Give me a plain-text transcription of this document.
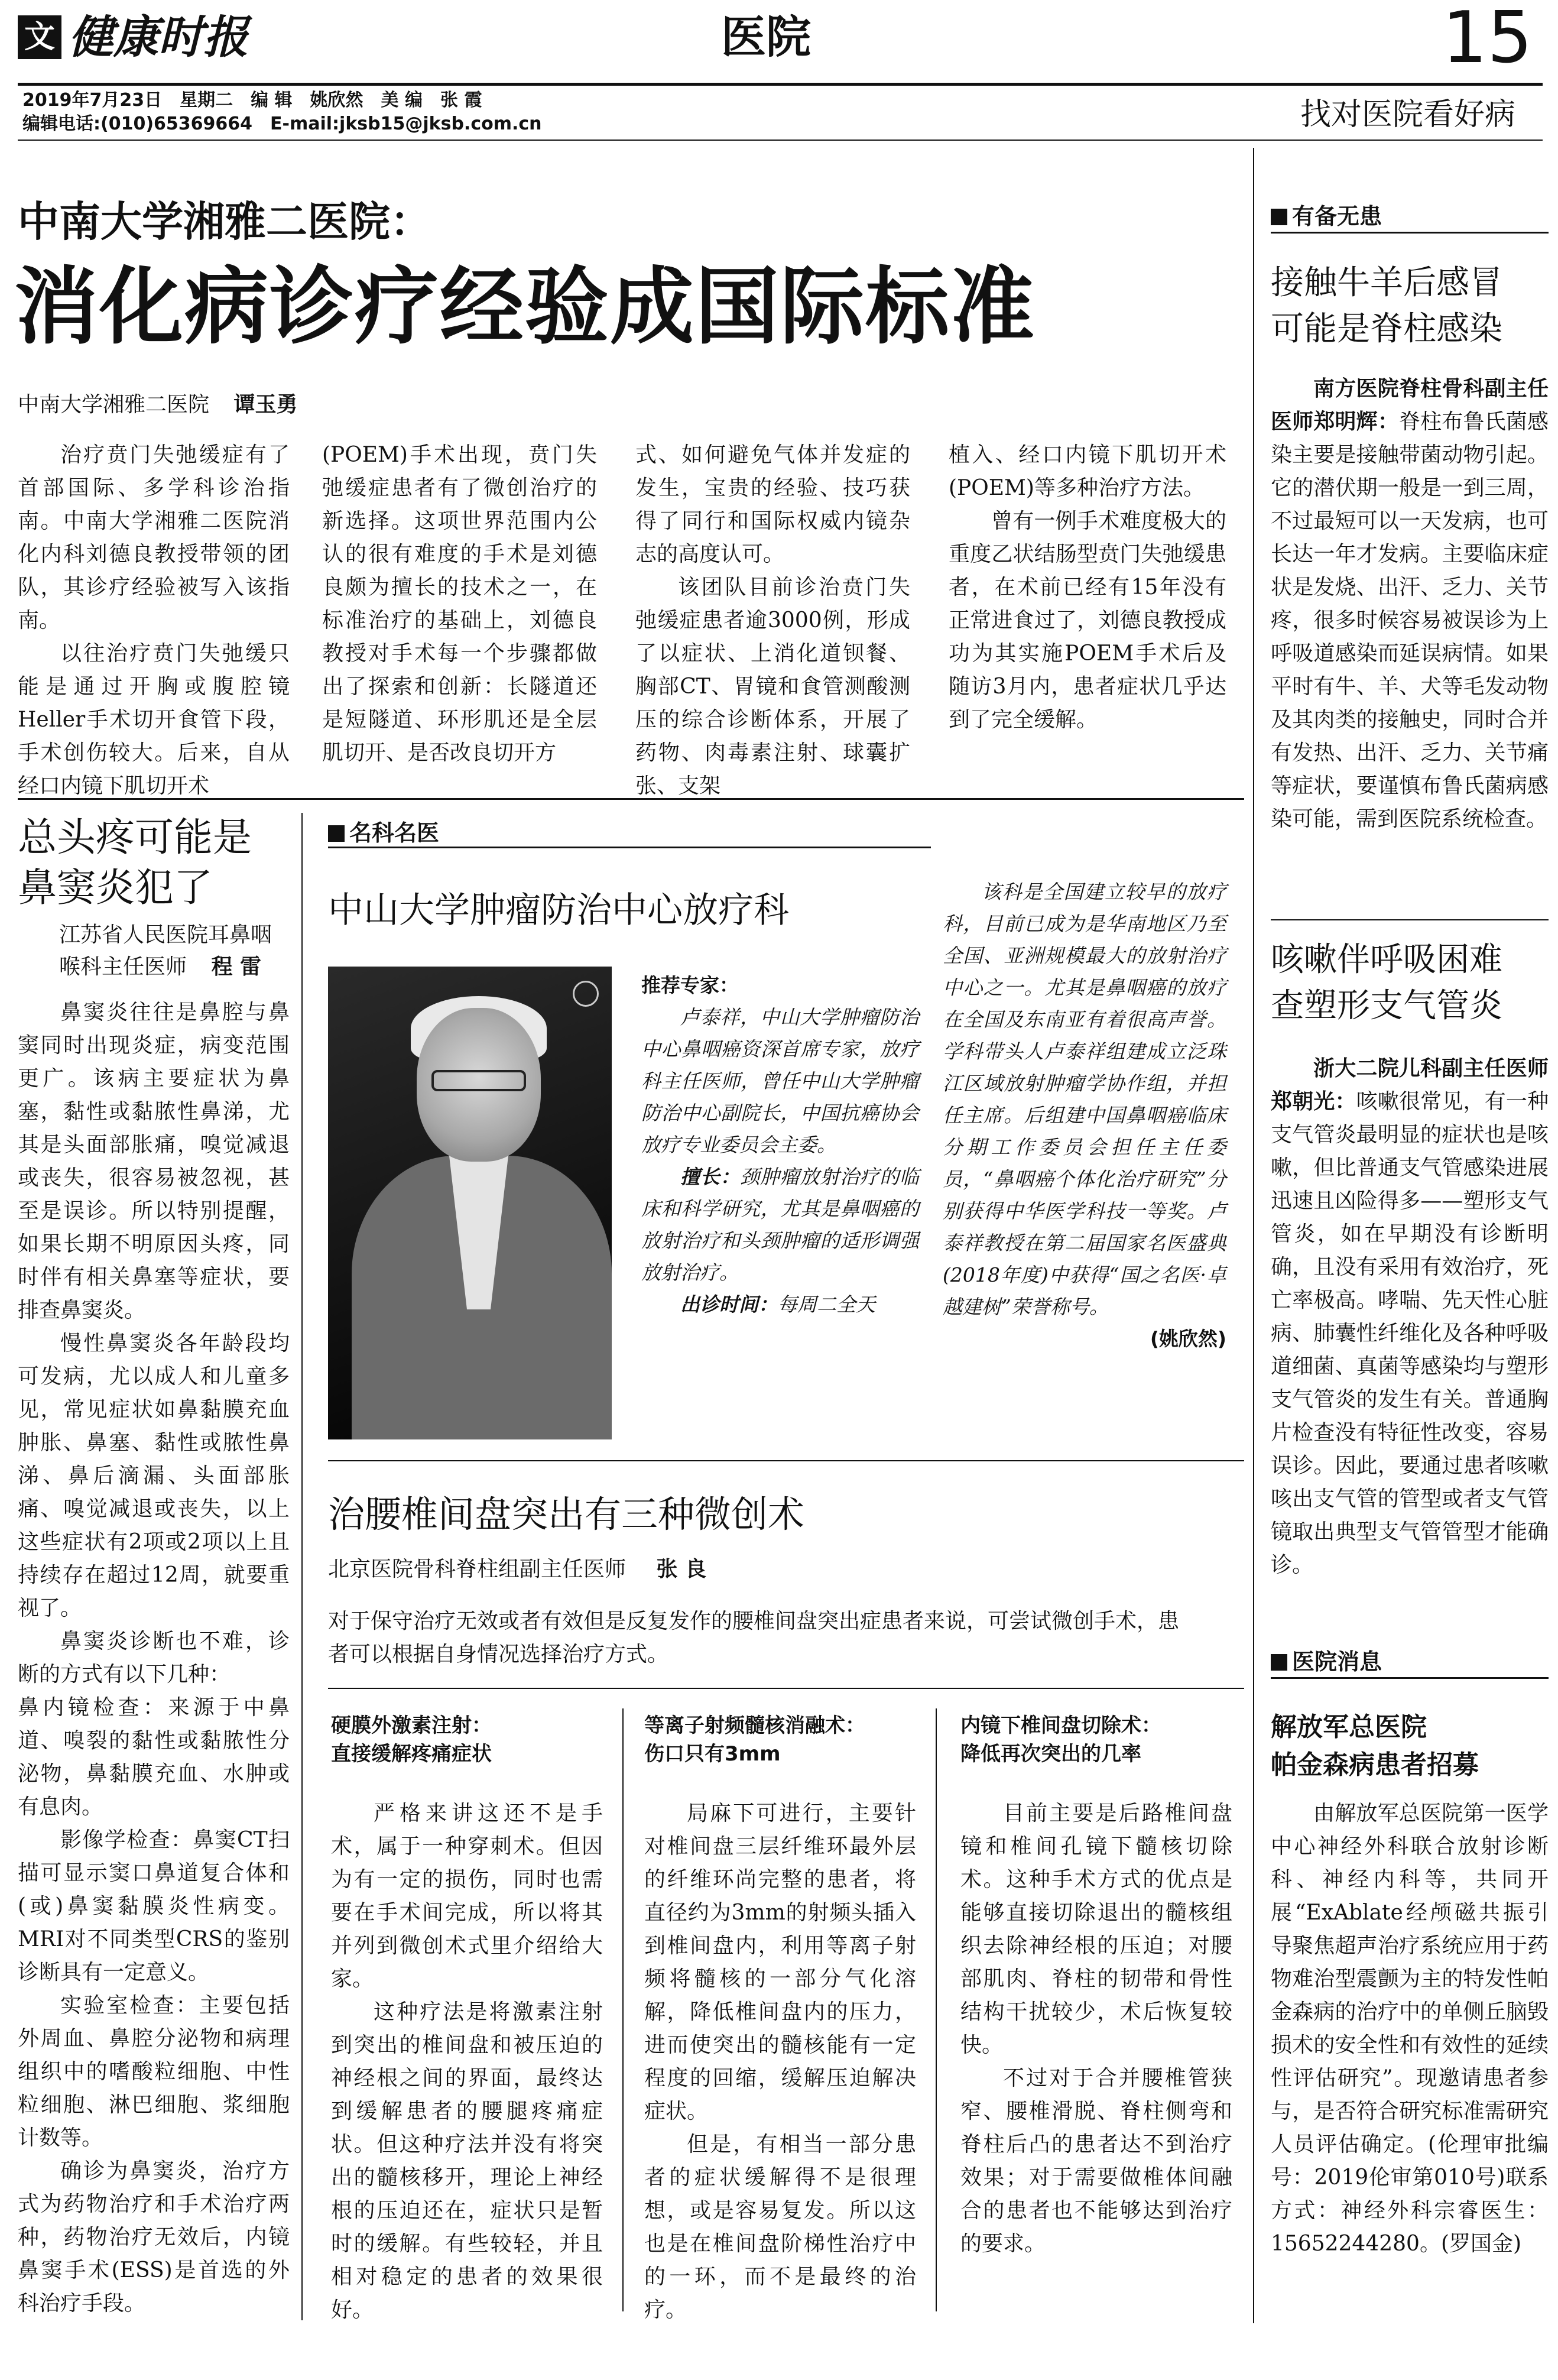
文 健康时报	医院	15
2019年7月23日　星期二　编 辑　姚欣然　美 编　张 霞
编辑电话:(010)65369664　E-mail:jksb15@jksb.com.cn	找对医院看好病
中南大学湘雅二医院：
消化病诊疗经验成国际标准
中南大学湘雅二医院 谭玉勇

治疗贲门失弛缓症有了首部国际、多学科诊治指南。中南大学湘雅二医院消化内科刘德良教授带领的团队，其诊疗经验被写入该指南。

以往治疗贲门失弛缓只能是通过开胸或腹腔镜Heller手术切开食管下段，手术创伤较大。后来，自从经口内镜下肌切开术

(POEM)手术出现，贲门失弛缓症患者有了微创治疗的新选择。这项世界范围内公认的很有难度的手术是刘德良颇为擅长的技术之一，在标准治疗的基础上，刘德良教授对手术每一个步骤都做出了探索和创新：长隧道还是短隧道、环形肌还是全层肌切开、是否改良切开方

式、如何避免气体并发症的发生，宝贵的经验、技巧获得了同行和国际权威内镜杂志的高度认可。

该团队目前诊治贲门失弛缓症患者逾3000例，形成了以症状、上消化道钡餐、胸部CT、胃镜和食管测酸测压的综合诊断体系，开展了药物、肉毒素注射、球囊扩张、支架

植入、经口内镜下肌切开术(POEM)等多种治疗方法。

曾有一例手术难度极大的重度乙状结肠型贲门失弛缓患者，在术前已经有15年没有正常进食过了，刘德良教授成功为其实施POEM手术后及随访3月内，患者症状几乎达到了完全缓解。

总头疼可能是
鼻窦炎犯了
江苏省人民医院耳鼻咽喉科主任医师 程 雷

鼻窦炎往往是鼻腔与鼻窦同时出现炎症，病变范围更广。该病主要症状为鼻塞，黏性或黏脓性鼻涕，尤其是头面部胀痛，嗅觉减退或丧失，很容易被忽视，甚至是误诊。所以特别提醒，如果长期不明原因头疼，同时伴有相关鼻塞等症状，要排查鼻窦炎。

慢性鼻窦炎各年龄段均可发病，尤以成人和儿童多见，常见症状如鼻黏膜充血肿胀、鼻塞、黏性或脓性鼻涕、鼻后滴漏、头面部胀痛、嗅觉减退或丧失，以上这些症状有2项或2项以上且持续存在超过12周，就要重视了。

鼻窦炎诊断也不难，诊断的方式有以下几种：

鼻内镜检查：来源于中鼻道、嗅裂的黏性或黏脓性分泌物，鼻黏膜充血、水肿或有息肉。

影像学检查：鼻窦CT扫描可显示窦口鼻道复合体和(或)鼻窦黏膜炎性病变。MRI对不同类型CRS的鉴别诊断具有一定意义。

实验室检查：主要包括外周血、鼻腔分泌物和病理组织中的嗜酸粒细胞、中性粒细胞、淋巴细胞、浆细胞计数等。

确诊为鼻窦炎，治疗方式为药物治疗和手术治疗两种，药物治疗无效后，内镜鼻窦手术(ESS)是首选的外科治疗手段。

名科名医
中山大学肿瘤防治中心放疗科

推荐专家：

卢泰祥，中山大学肿瘤防治中心鼻咽癌资深首席专家，放疗科主任医师，曾任中山大学肿瘤防治中心副院长，中国抗癌协会放疗专业委员会主委。

擅长：颈肿瘤放射治疗的临床和科学研究，尤其是鼻咽癌的放射治疗和头颈肿瘤的适形调强放射治疗。

出诊时间：每周二全天

该科是全国建立较早的放疗科，目前已成为是华南地区乃至全国、亚洲规模最大的放射治疗中心之一。尤其是鼻咽癌的放疗在全国及东南亚有着很高声誉。学科带头人卢泰祥组建成立泛珠江区域放射肿瘤学协作组，并担任主席。后组建中国鼻咽癌临床分期工作委员会担任主任委员，“鼻咽癌个体化治疗研究”分别获得中华医学科技一等奖。卢泰祥教授在第二届国家名医盛典(2018年度)中获得“国之名医·卓越建树”荣誉称号。

(姚欣然)

治腰椎间盘突出有三种微创术
北京医院骨科脊柱组副主任医师 张 良
对于保守治疗无效或者有效但是反复发作的腰椎间盘突出症患者来说，可尝试微创手术，患者可以根据自身情况选择治疗方式。
硬膜外激素注射：
直接缓解疼痛症状

严格来讲这还不是手术，属于一种穿刺术。但因为有一定的损伤，同时也需要在手术间完成，所以将其并列到微创术式里介绍给大家。

这种疗法是将激素注射到突出的椎间盘和被压迫的神经根之间的界面，最终达到缓解患者的腰腿疼痛症状。但这种疗法并没有将突出的髓核移开，理论上神经根的压迫还在，症状只是暂时的缓解。有些较轻，并且相对稳定的患者的效果很好。

等离子射频髓核消融术：
伤口只有3mm

局麻下可进行，主要针对椎间盘三层纤维环最外层的纤维环尚完整的患者，将直径约为3mm的射频头插入到椎间盘内，利用等离子射频将髓核的一部分气化溶解，降低椎间盘内的压力，进而使突出的髓核能有一定程度的回缩，缓解压迫解决症状。

但是，有相当一部分患者的症状缓解得不是很理想，或是容易复发。所以这也是在椎间盘阶梯性治疗中的一环，而不是最终的治疗。

内镜下椎间盘切除术：
降低再次突出的几率

目前主要是后路椎间盘镜和椎间孔镜下髓核切除术。这种手术方式的优点是能够直接切除退出的髓核组织去除神经根的压迫；对腰部肌肉、脊柱的韧带和骨性结构干扰较少，术后恢复较快。

不过对于合并腰椎管狭窄、腰椎滑脱、脊柱侧弯和脊柱后凸的患者达不到治疗效果；对于需要做椎体间融合的患者也不能够达到治疗的要求。

有备无患
接触牛羊后感冒
可能是脊柱感染

南方医院脊柱骨科副主任医师郑明辉：脊柱布鲁氏菌感染主要是接触带菌动物引起。它的潜伏期一般是一到三周，不过最短可以一天发病，也可长达一年才发病。主要临床症状是发烧、出汗、乏力、关节疼，很多时候容易被误诊为上呼吸道感染而延误病情。如果平时有牛、羊、犬等毛发动物及其肉类的接触史，同时合并有发热、出汗、乏力、关节痛等症状，要谨慎布鲁氏菌病感染可能，需到医院系统检查。

咳嗽伴呼吸困难
查塑形支气管炎

浙大二院儿科副主任医师郑朝光：咳嗽很常见，有一种支气管炎最明显的症状也是咳嗽，但比普通支气管感染进展迅速且凶险得多——塑形支气管炎，如在早期没有诊断明确，且没有采用有效治疗，死亡率极高。哮喘、先天性心脏病、肺囊性纤维化及各种呼吸道细菌、真菌等感染均与塑形支气管炎的发生有关。普通胸片检查没有特征性改变，容易误诊。因此，要通过患者咳嗽咳出支气管的管型或者支气管镜取出典型支气管管型才能确诊。

医院消息
解放军总医院
帕金森病患者招募

由解放军总医院第一医学中心神经外科联合放射诊断科、神经内科等，共同开展“ExAblate经颅磁共振引导聚焦超声治疗系统应用于药物难治型震颤为主的特发性帕金森病的治疗中的单侧丘脑毁损术的安全性和有效性的延续性评估研究”。现邀请患者参与，是否符合研究标准需研究人员评估确定。(伦理审批编号：2019伦审第010号)联系方式：神经外科宗睿医生：15652244280。(罗国金)
